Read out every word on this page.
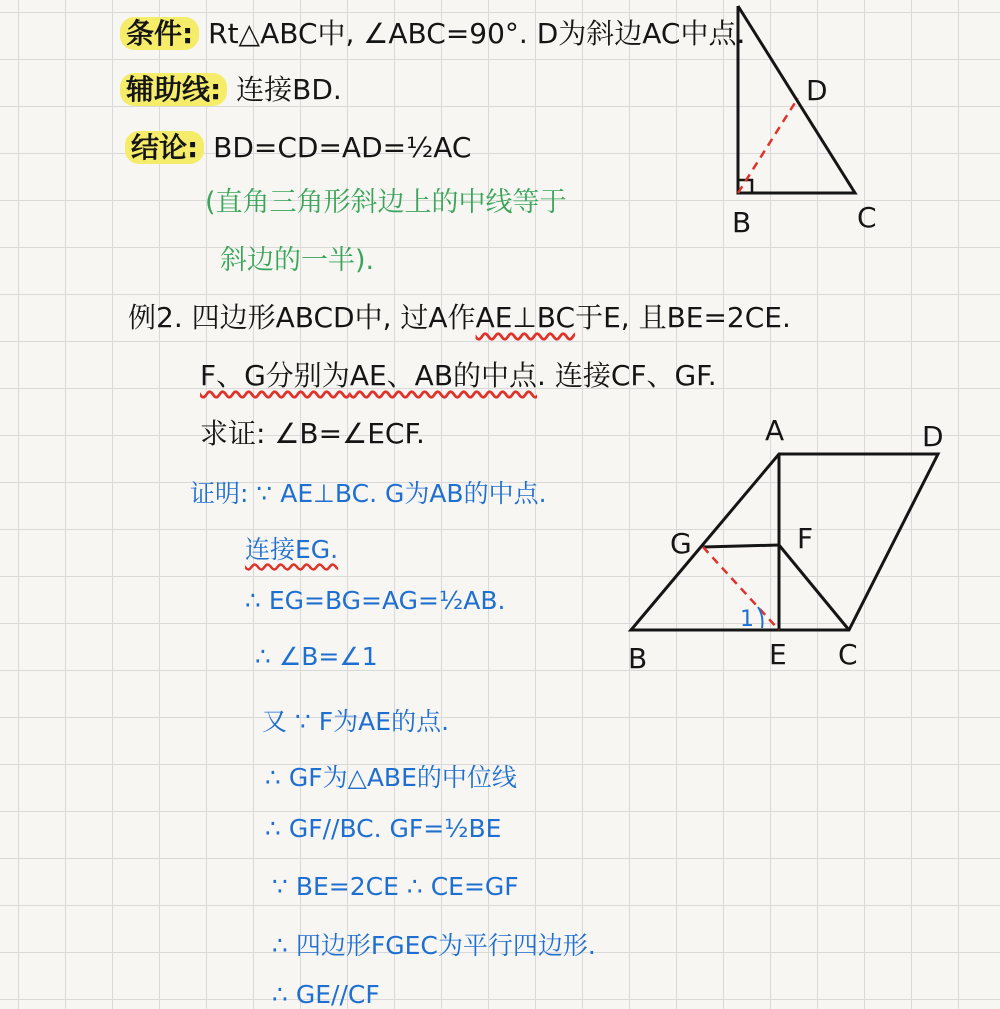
条件: Rt△ABC中, ∠ABC=90°. D为斜边AC中点.
辅助线: 连接BD.
结论: BD=CD=AD=½AC
(直角三角形斜边上的中线等于
斜边的一半).
例2. 四边形ABCD中, 过A作AE⊥BC于E, 且BE=2CE.
F、G分别为AE、AB的中点. 连接CF、GF.
求证: ∠B=∠ECF.
证明: ∵ AE⊥BC. G为AB的中点.
连接EG.
∴ EG=BG=AG=½AB.
∴ ∠B=∠1
又 ∵ F为AE的点.
∴ GF为△ABE的中位线
∴ GF//BC. GF=½BE
∵ BE=2CE ∴ CE=GF
∴ 四边形FGEC为平行四边形.
∴ GE//CF
D
B	C
A	D
G	F
B	E C
1
